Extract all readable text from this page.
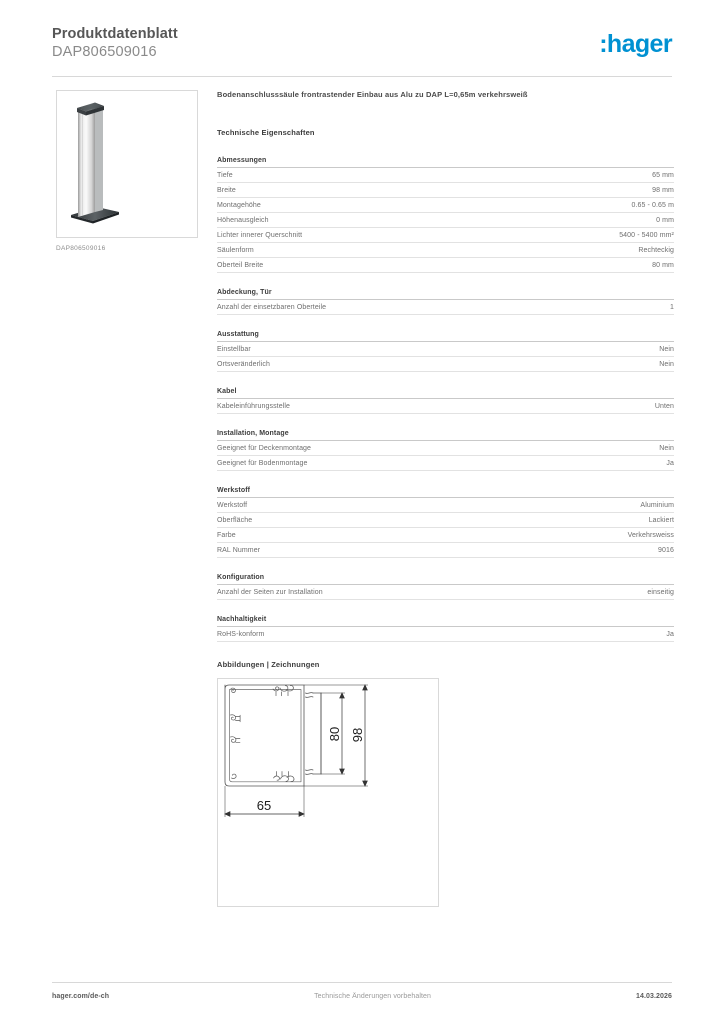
Produktdatenblatt
DAP806509016	:hager
DAP806509016
Bodenanschlusssäule frontrastender Einbau aus Alu zu DAP L=0,65m verkehrsweiß
Technische Eigenschaften
Abmessungen
Tiefe	65 mm
Breite	98 mm
Montagehöhe	0.65 - 0.65 m
Höhenausgleich	0 mm
Lichter innerer Querschnitt	5400 - 5400 mm²
Säulenform	Rechteckig
Oberteil Breite	80 mm
Abdeckung, Tür
Anzahl der einsetzbaren Oberteile	1
Ausstattung
Einstellbar	Nein
Ortsveränderlich	Nein
Kabel
Kabeleinführungsstelle	Unten
Installation, Montage
Geeignet für Deckenmontage	Nein
Geeignet für Bodenmontage	Ja
Werkstoff
Werkstoff	Aluminium
Oberfläche	Lackiert
Farbe	Verkehrsweiss
RAL Nummer	9016
Konfiguration
Anzahl der Seiten zur Installation	einseitig
Nachhaltigkeit
RoHS-konform	Ja
Abbildungen | Zeichnungen
80 98
65
hager.com/de-ch	Technische Änderungen vorbehalten	14.03.2026
